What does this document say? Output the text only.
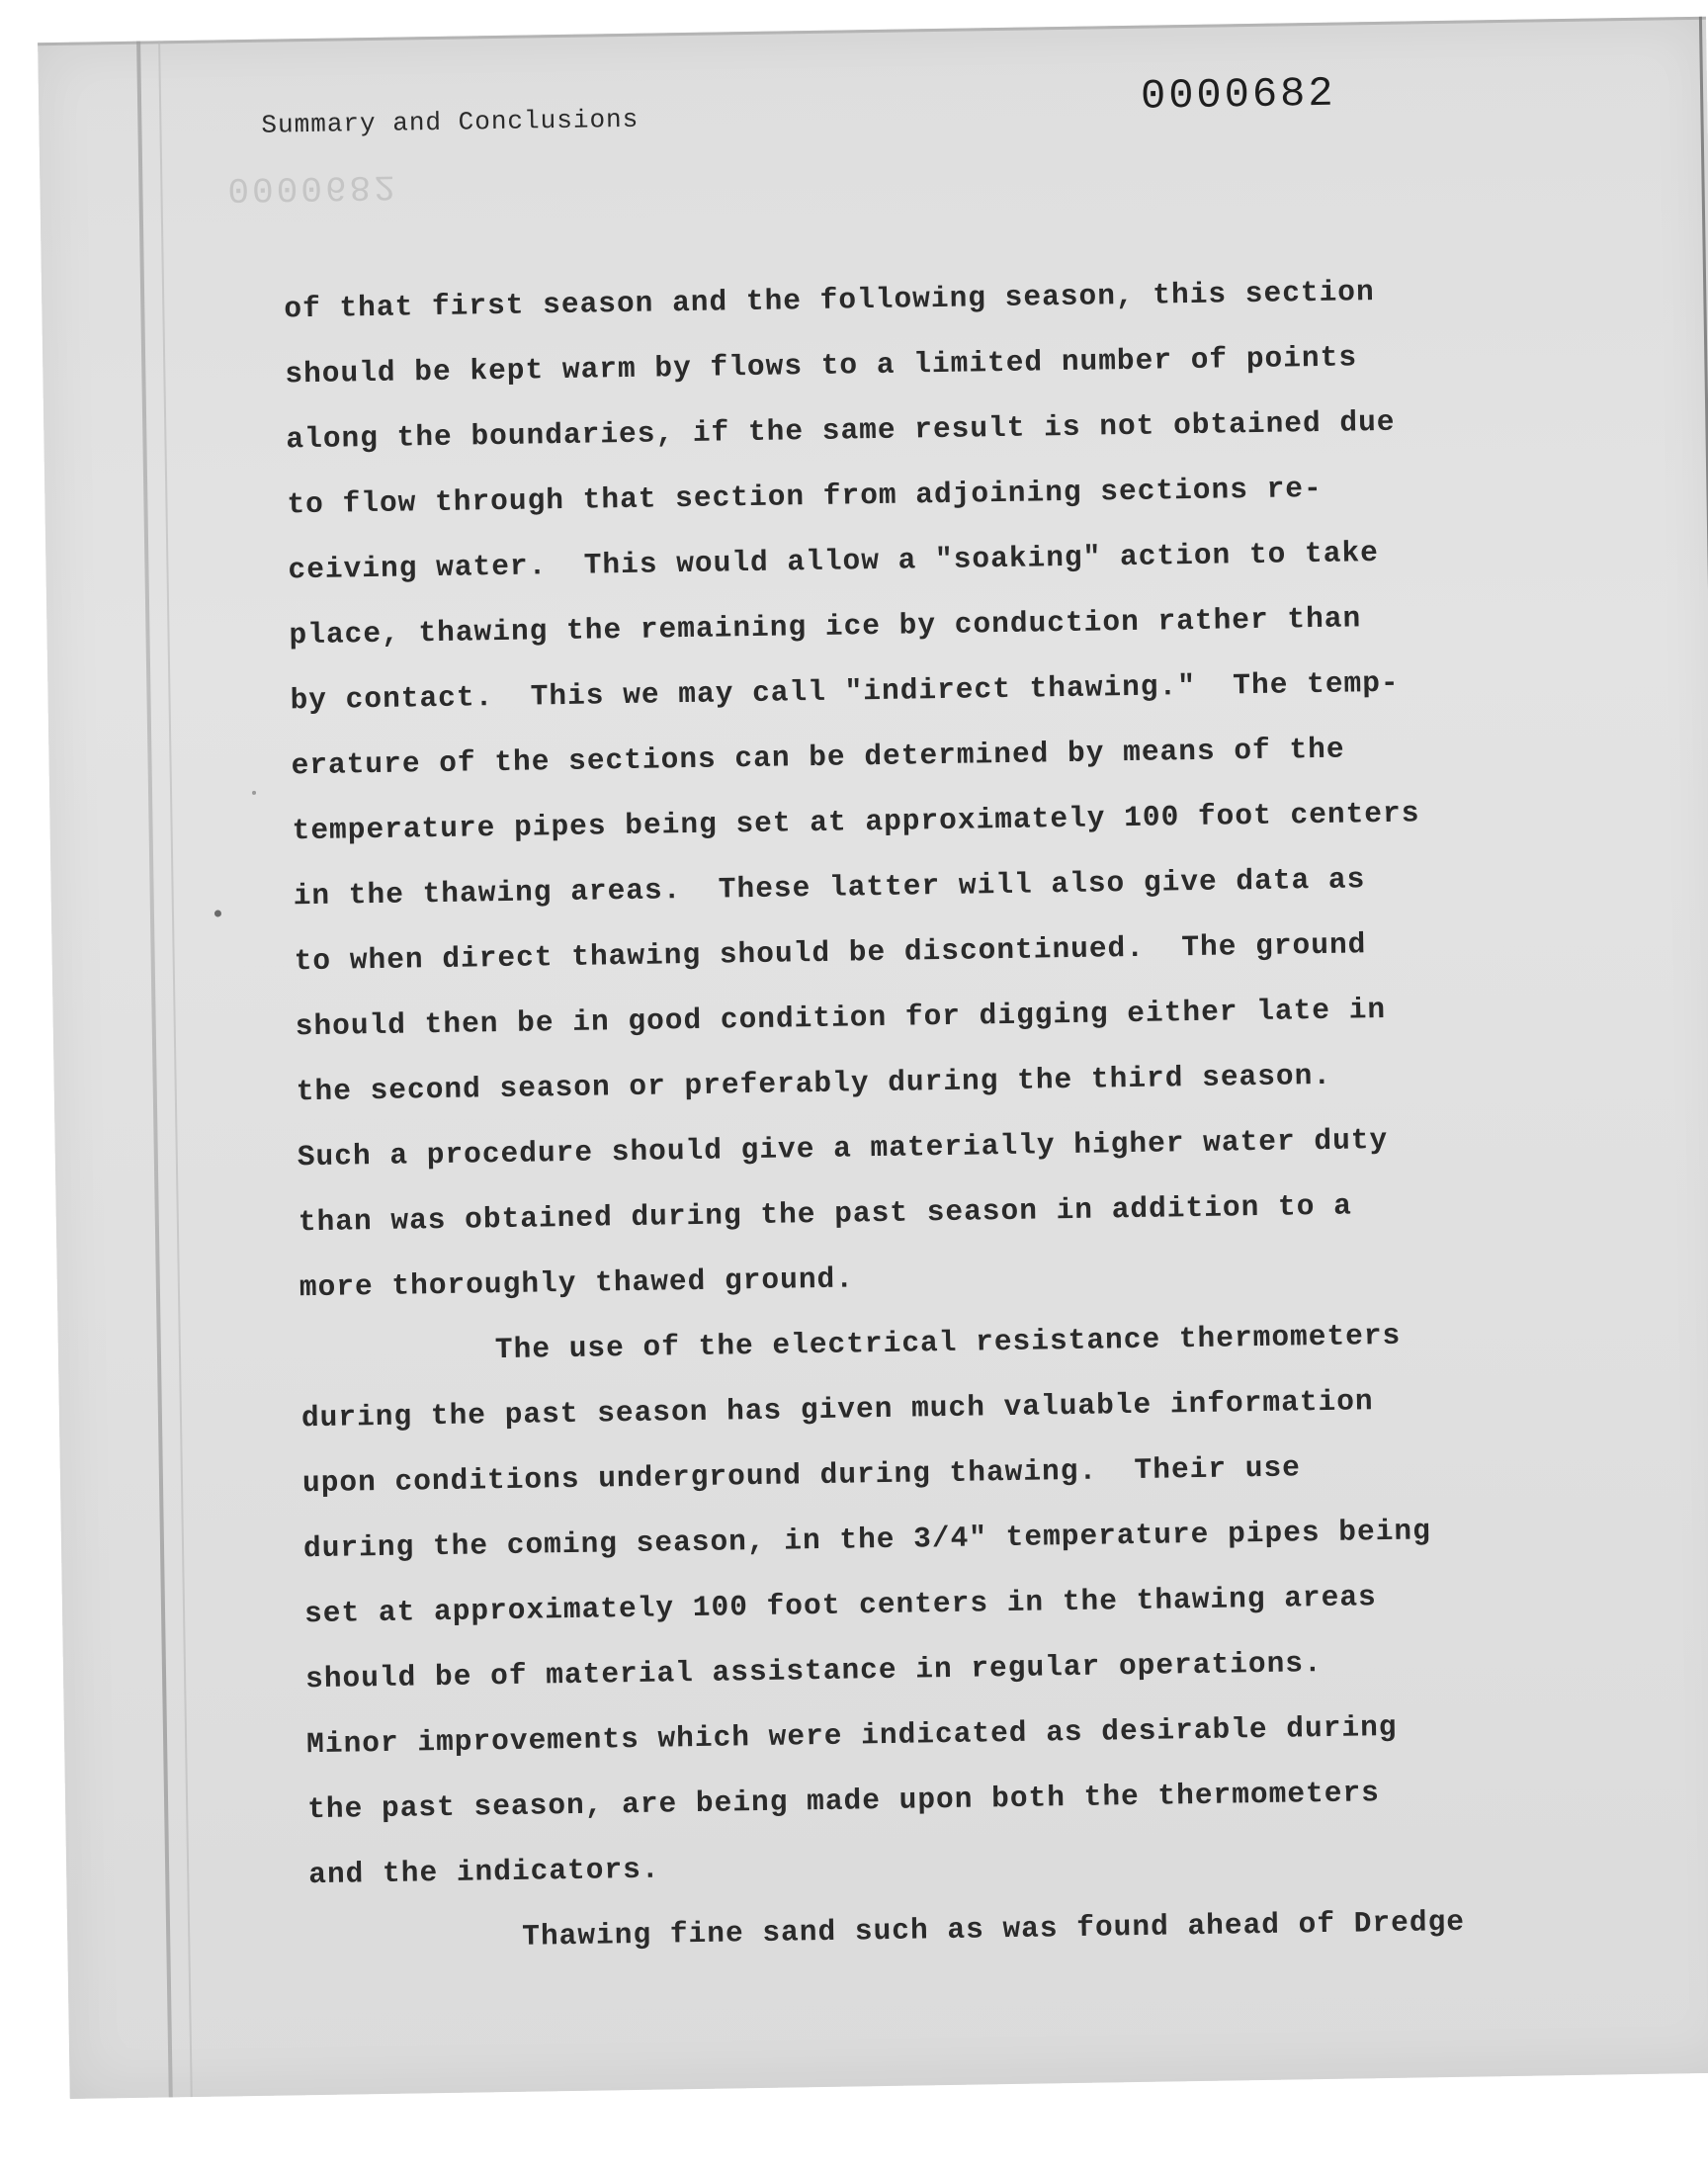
0000682
Summary and Conclusions
0000682
of that first season and the following season, this section
should be kept warm by flows to a limited number of points
along the boundaries, if the same result is not obtained due
to flow through that section from adjoining sections re-
ceiving water.  This would allow a "soaking" action to take
place, thawing the remaining ice by conduction rather than
by contact.  This we may call "indirect thawing."  The temp-
erature of the sections can be determined by means of the
temperature pipes being set at approximately 100 foot centers
in the thawing areas.  These latter will also give data as
to when direct thawing should be discontinued.  The ground
should then be in good condition for digging either late in
the second season or preferably during the third season.
Such a procedure should give a materially higher water duty
than was obtained during the past season in addition to a
more thoroughly thawed ground.
The use of the electrical resistance thermometers
during the past season has given much valuable information
upon conditions underground during thawing.  Their use
during the coming season, in the 3/4" temperature pipes being
set at approximately 100 foot centers in the thawing areas
should be of material assistance in regular operations.
Minor improvements which were indicated as desirable during
the past season, are being made upon both the thermometers
and the indicators.
Thawing fine sand such as was found ahead of Dredge
